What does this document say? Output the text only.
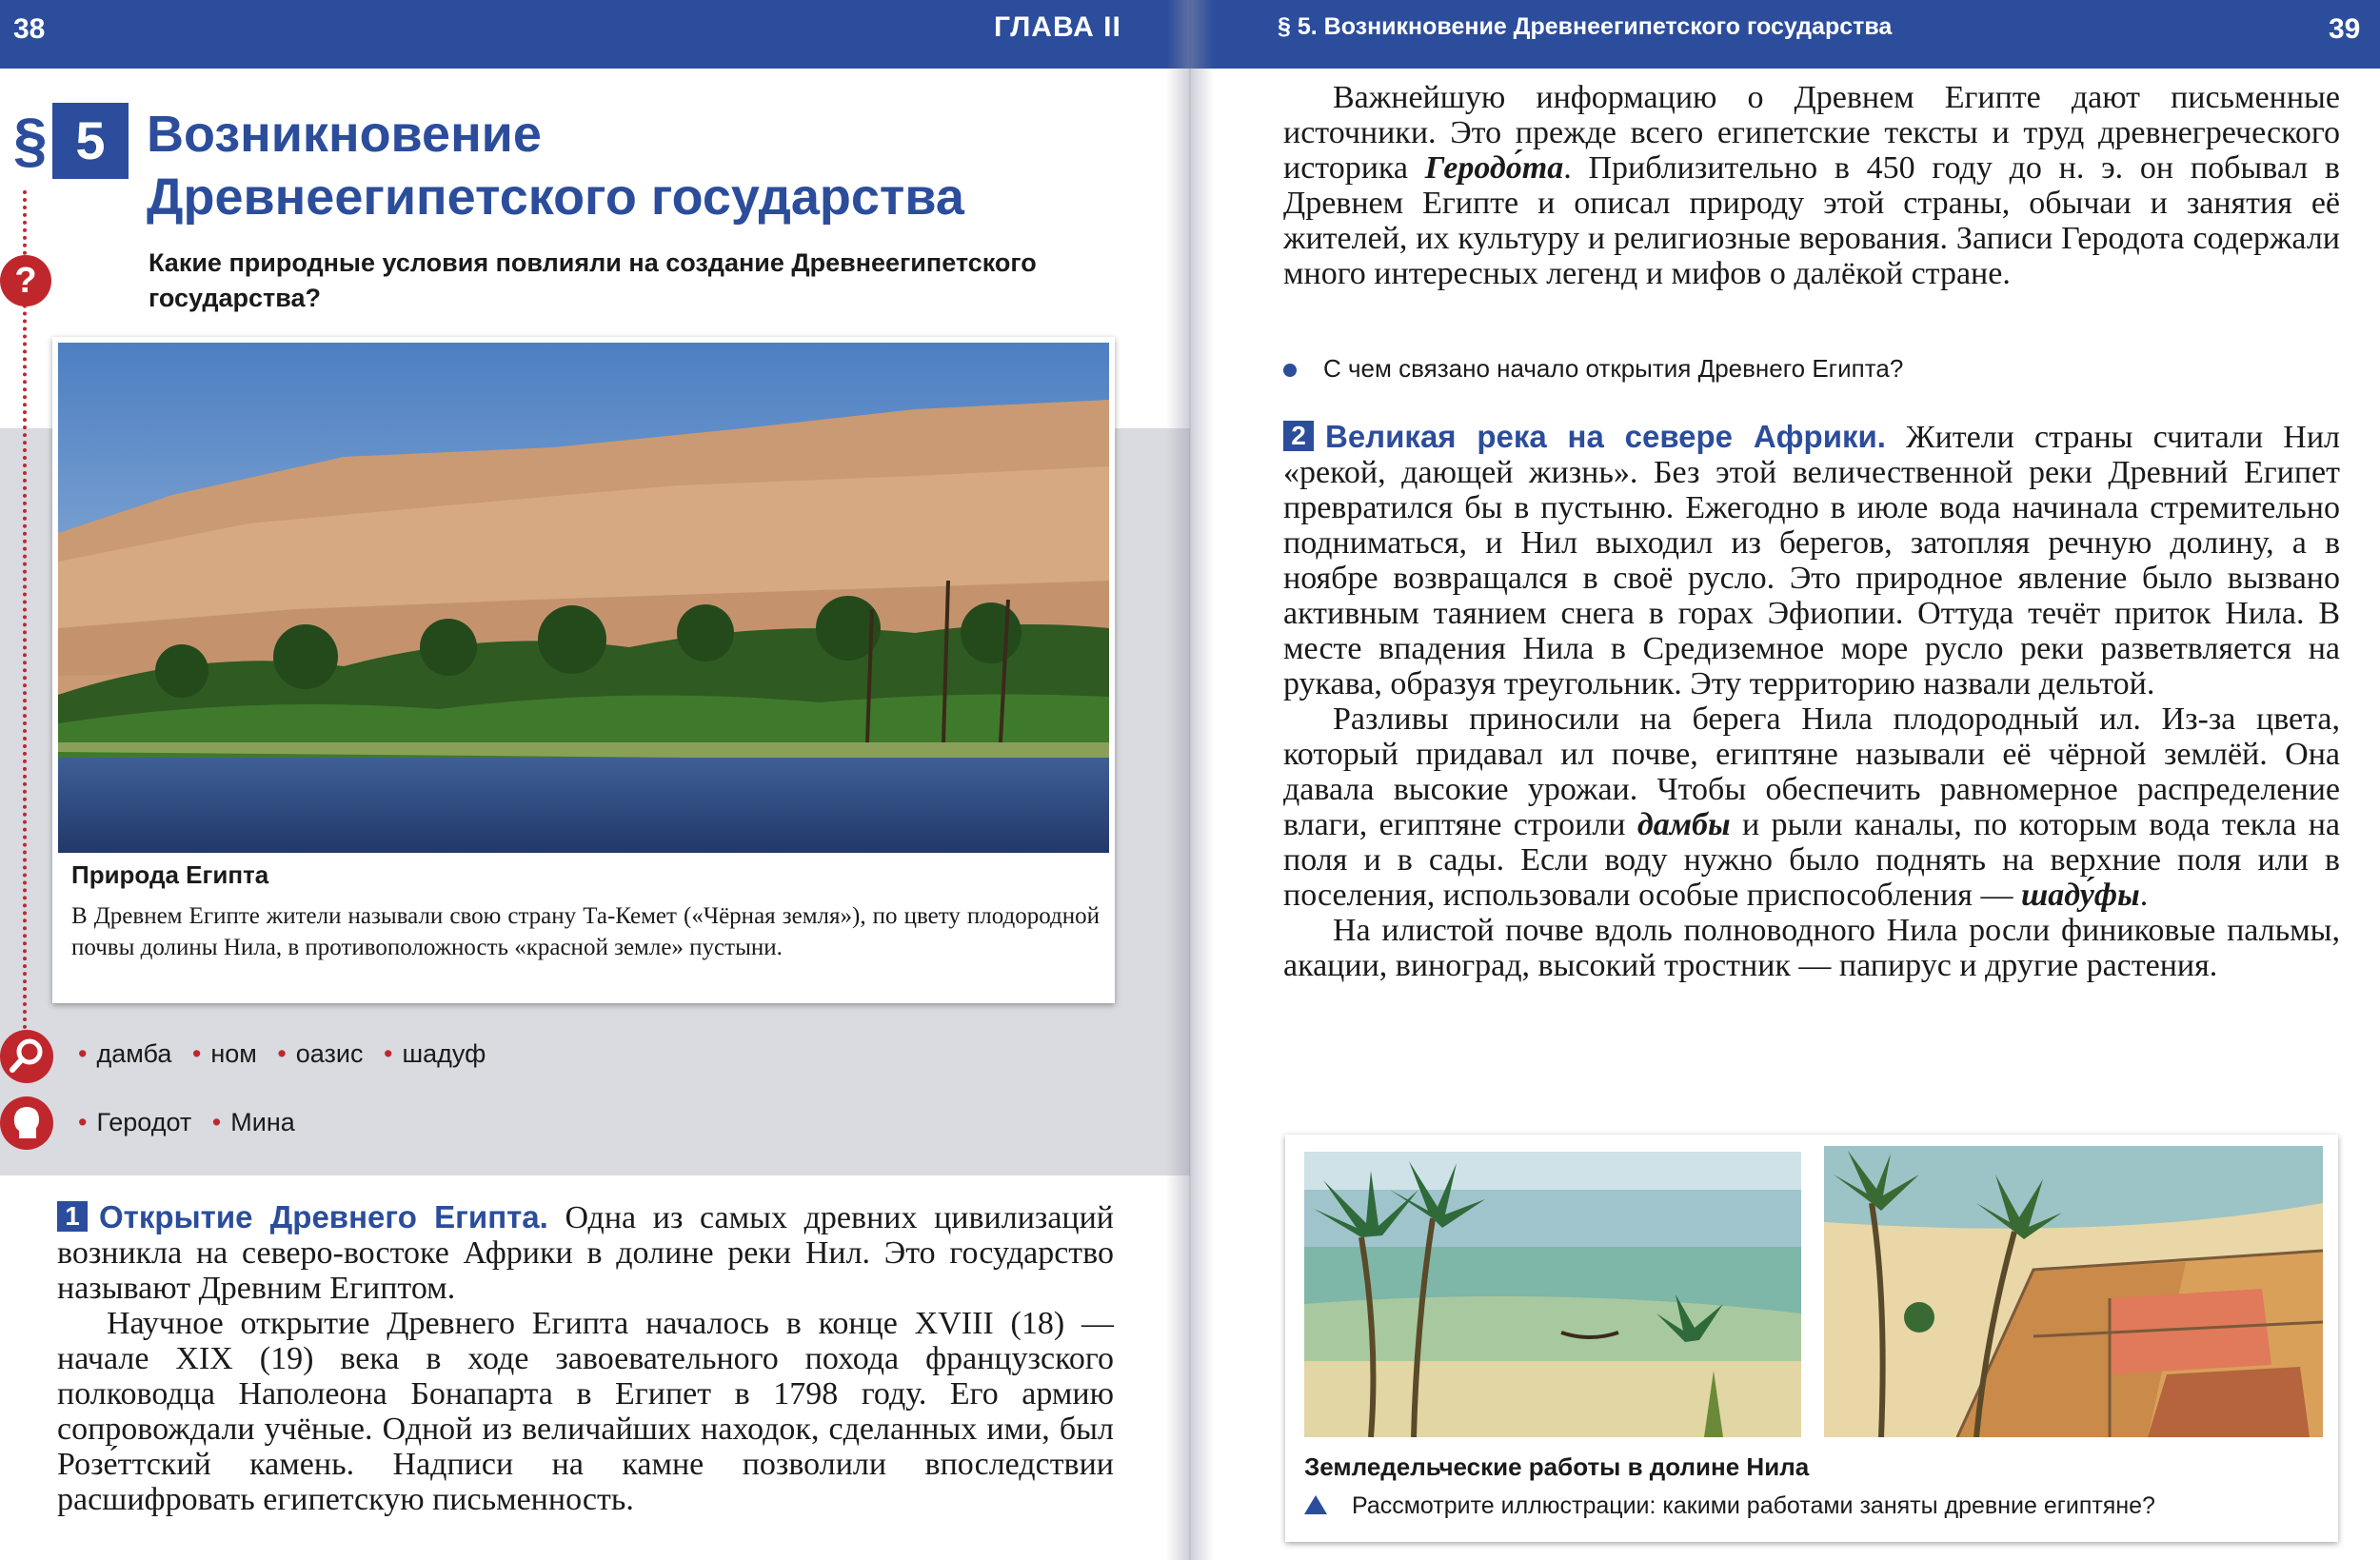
38	ГЛАВА II
§ 5 Возникновение
Древнеегипетского государства
?	Какие природные условия повлияли на создание Древнеегипетского государства?
Природа Египта
В Древнем Египте жители называли свою страну Та-Кемет («Чёрная земля»), по цвету плодородной почвы долины Нила, в противоположность «красной земле» пустыни.
• дамба • ном • оазис • шадуф
• Геродот • Мина

1 Открытие Древнего Египта. Одна из самых древних цивилизаций возникла на северо-востоке Африки в долине реки Нил. Это государство называют Древним Египтом.

Научное открытие Древнего Египта началось в конце XVIII (18) — начале XIX (19) века в ходе завоевательного похода французского полководца Наполеона Бонапарта в Египет в 1798 году. Его армию сопровождали учёные. Одной из величайших находок, сделанных ими, был Розе́ттский камень. Надписи на камне позволили впоследствии расшифровать египетскую письменность.

§ 5. Возникновение Древнеегипетского государства	39

Важнейшую информацию о Древнем Египте дают письменные источники. Это прежде всего египетские тексты и труд древнегреческого историка Геродо́та. Приблизительно в 450 году до н. э. он побывал в Древнем Египте и описал природу этой страны, обычаи и занятия её жителей, их культуру и религиозные верования. Записи Геродота содержали много интересных легенд и мифов о далёкой стране.

С чем связано начало открытия Древнего Египта?

2 Великая река на севере Африки. Жители страны считали Нил «рекой, дающей жизнь». Без этой величественной реки Древний Египет превратился бы в пустыню. Ежегодно в июле вода начинала стремительно подниматься, и Нил выходил из берегов, затопляя речную долину, а в ноябре возвращался в своё русло. Это природное явление было вызвано активным таянием снега в горах Эфиопии. Оттуда течёт приток Нила. В месте впадения Нила в Средиземное море русло реки разветвляется на рукава, образуя треугольник. Эту территорию назвали дельтой.

Разливы приносили на берега Нила плодородный ил. Из-за цвета, который придавал ил почве, египтяне называли её чёрной землёй. Она давала высокие урожаи. Чтобы обеспечить равномерное распределение влаги, египтяне строили дамбы и рыли каналы, по которым вода текла на поля и в сады. Если воду нужно было поднять на верхние поля или в поселения, использовали особые приспособления — шаду́фы.

На илистой почве вдоль полноводного Нила росли финиковые пальмы, акации, виноград, высокий тростник — папирус и другие растения.

Земледельческие работы в долине Нила
Рассмотрите иллюстрации: какими работами заняты древние египтяне?
